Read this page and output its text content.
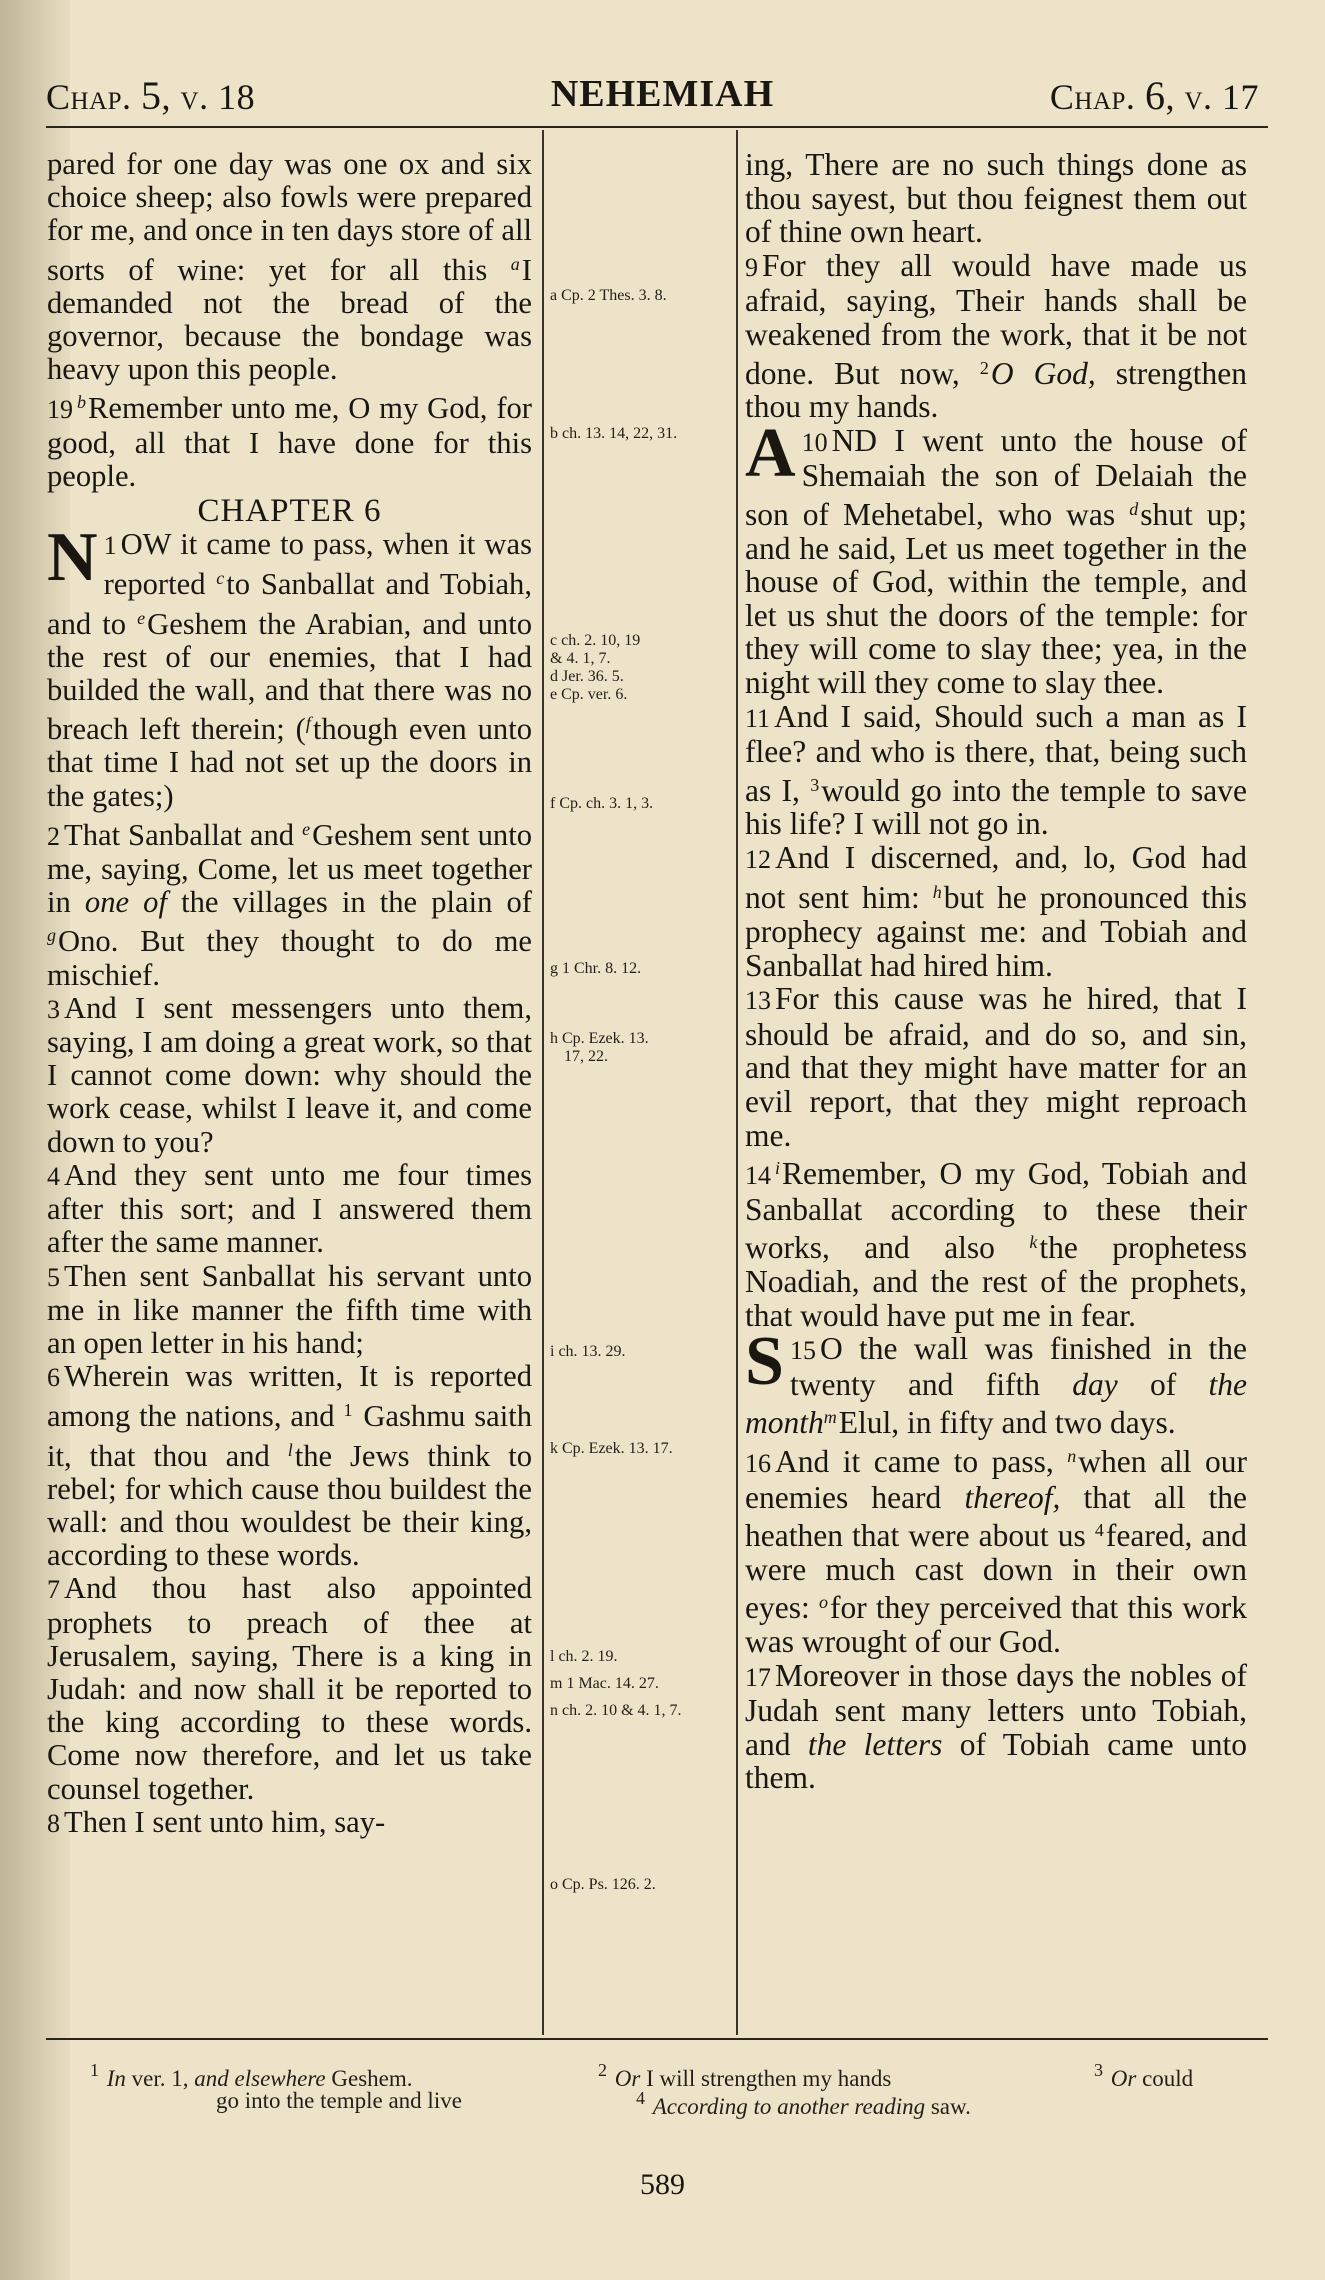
Chap. 5, v. 18	NEHEMIAH	Chap. 6, v. 17
pared for one day was one ox and six choice sheep; also fowls were prepared for me, and once in ten days store of all sorts of wine: yet for all this $^a$I demanded not the bread of the governor, because the bondage was heavy upon this people.
19 $^b$Remember unto me, O my God, for good, all that I have done for this people.
CHAPTER 6
1
N OW it came to pass, when it was reported $^c$to Sanballat and Tobiah, and to $^e$Geshem the Arabian, and unto the rest of our enemies, that I had builded the wall, and that there was no breach left therein; ($^f$though even unto that time I had not set up the doors in the gates;)
2 That Sanballat and $^e$Geshem sent unto me, saying, Come, let us meet together in one of the villages in the plain of $^g$Ono. But they thought to do me mischief.
3 And I sent messengers unto them, saying, I am doing a great work, so that I cannot come down: why should the work cease, whilst I leave it, and come down to you?
4 And they sent unto me four times after this sort; and I answered them after the same manner.
5 Then sent Sanballat his servant unto me in like manner the fifth time with an open letter in his hand;
6 Wherein was written, It is reported among the nations, and $^1$ Gashmu saith it, that thou and $^l$the Jews think to rebel; for which cause thou buildest the wall: and thou wouldest be their king, according to these words.
7 And thou hast also appointed prophets to preach of thee at Jerusalem, saying, There is a king in Judah: and now shall it be reported to the king according to these words. Come now therefore, and let us take counsel together.
8 Then I sent unto him, say-
a Cp. 2 Thes. 3. 8.
b ch. 13. 14, 22, 31.
c ch. 2. 10, 19
& 4. 1, 7.
d Jer. 36. 5.
e Cp. ver. 6.
f Cp. ch. 3. 1, 3.
g 1 Chr. 8. 12.
h Cp. Ezek. 13.
17, 22.
i ch. 13. 29.
k Cp. Ezek. 13. 17.
l ch. 2. 19.
m 1 Mac. 14. 27.
n ch. 2. 10 & 4. 1, 7.
o Cp. Ps. 126. 2.
ing, There are no such things done as thou sayest, but thou feignest them out of thine own heart.
9 For they all would have made us afraid, saying, Their hands shall be weakened from the work, that it be not done. But now, $^2$O God, strengthen thou my hands.
10
A ND I went unto the house of Shemaiah the son of Delaiah the son of Mehetabel, who was $^d$shut up; and he said, Let us meet together in the house of God, within the temple, and let us shut the doors of the temple: for they will come to slay thee; yea, in the night will they come to slay thee.
11 And I said, Should such a man as I flee? and who is there, that, being such as I, $^3$would go into the temple to save his life? I will not go in.
12 And I discerned, and, lo, God had not sent him: $^h$but he pronounced this prophecy against me: and Tobiah and Sanballat had hired him.
13 For this cause was he hired, that I should be afraid, and do so, and sin, and that they might have matter for an evil report, that they might reproach me.
14 $^i$Remember, O my God, Tobiah and Sanballat according to these their works, and also $^k$the prophetess Noadiah, and the rest of the prophets, that would have put me in fear.
15
S O the wall was finished in the twenty and fifth day of the month$^m$Elul, in fifty and two days.
16 And it came to pass, $^n$when all our enemies heard thereof, that all the heathen that were about us $^4$feared, and were much cast down in their own eyes: $^o$for they perceived that this work was wrought of our God.
17 Moreover in those days the nobles of Judah sent many letters unto Tobiah, and the letters of Tobiah came unto them.
$^1$ In ver. 1, and elsewhere Geshem.	$^2$ Or I will strengthen my hands	$^3$ Or could
go into the temple and live	$^4$ According to another reading saw.
589
